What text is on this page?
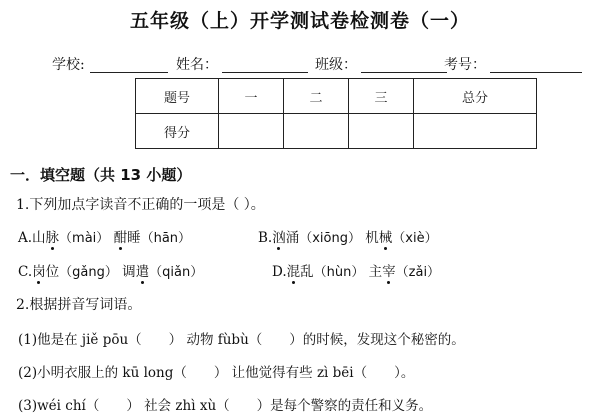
五年级（上）开学测试卷检测卷（一）
学校:	姓名：	班级：	考号：
题号	一	二	三	总分
得分				
一．填空题（共 13 小题）
1.下列加点字读音不正确的一项是（ ）。
A.山脉（mài） 酣睡（hān）	B.汹涌（xiōng） 机械（xiè）
C.岗位（gǎng） 调遣（qiǎn）	D.混乱（hùn） 主宰（zǎi）
2.根据拼音写词语。
(1)他是在 jiě pōu（　　） 动物 fùbù（　　）的时候，发现这个秘密的。
(2)小明衣服上的 kū long（　　） 让他觉得有些 zì bēi（　　）。
(3)wéi chí（　　） 社会 zhì xù（　　）是每个警察的责任和义务。
